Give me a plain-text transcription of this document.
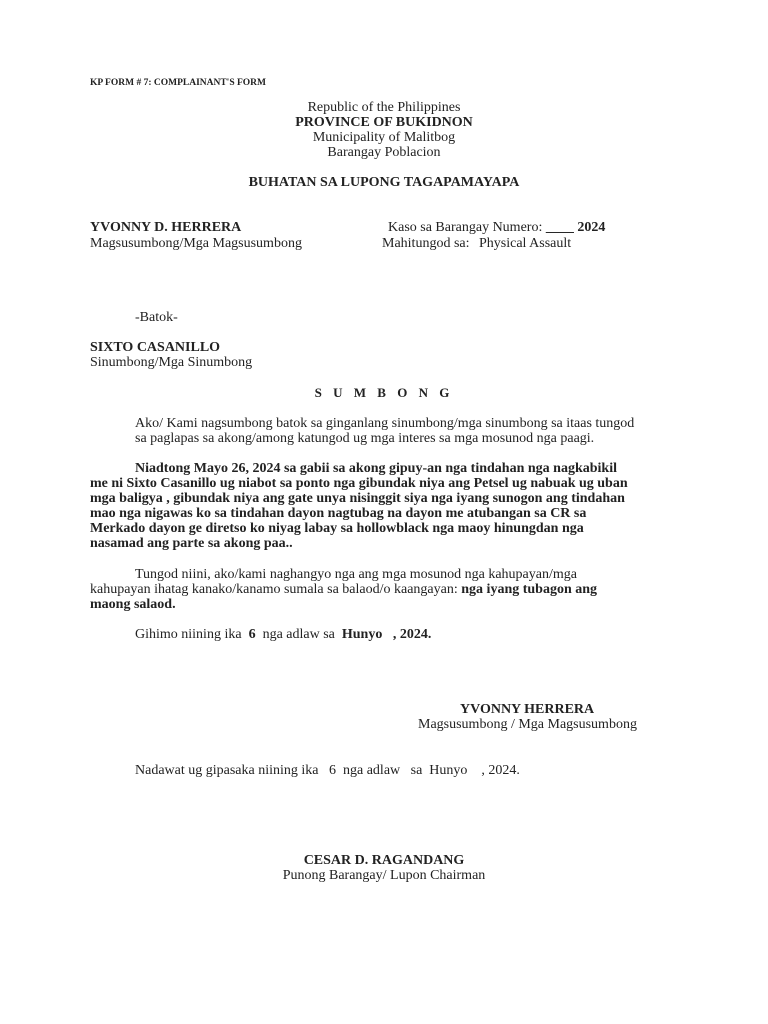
KP FORM # 7: COMPLAINANT'S FORM
Republic of the Philippines
PROVINCE OF BUKIDNON
Municipality of Malitbog
Barangay Poblacion
BUHATAN SA LUPONG TAGAPAMAYAPA
YVONNY D. HERRERA
Magsusumbong/Mga Magsusumbong
Kaso sa Barangay Numero: ____ 2024
Mahitungod sa: Physical Assault
-Batok-
SIXTO CASANILLO
Sinumbong/Mga Sinumbong
S U M B O N G
Ako/ Kami nagsumbong batok sa ginganlang sinumbong/mga sinumbong sa itaas tungod
sa paglapas sa akong/among katungod ug mga interes sa mga mosunod nga paagi.
Niadtong Mayo 26, 2024 sa gabii sa akong gipuy-an nga tindahan nga nagkabikil
me ni Sixto Casanillo ug niabot sa ponto nga gibundak niya ang Petsel ug nabuak ug uban
mga baligya , gibundak niya ang gate unya nisinggit siya nga iyang sunogon ang tindahan
mao nga nigawas ko sa tindahan dayon nagtubag na dayon me atubangan sa CR sa
Merkado dayon ge diretso ko niyag labay sa hollowblack nga maoy hinungdan nga
nasamad ang parte sa akong paa..
Tungod niini, ako/kami naghangyo nga ang mga mosunod nga kahupayan/mga
kahupayan ihatag kanako/kanamo sumala sa balaod/o kaangayan: nga iyang tubagon ang
maong salaod.
Gihimo niining ika  6  nga adlaw sa  Hunyo   , 2024.
YVONNY HERRERA
Magsusumbong / Mga Magsusumbong
Nadawat ug gipasaka niining ika   6  nga adlaw   sa  Hunyo    , 2024.
CESAR D. RAGANDANG
Punong Barangay/ Lupon Chairman
